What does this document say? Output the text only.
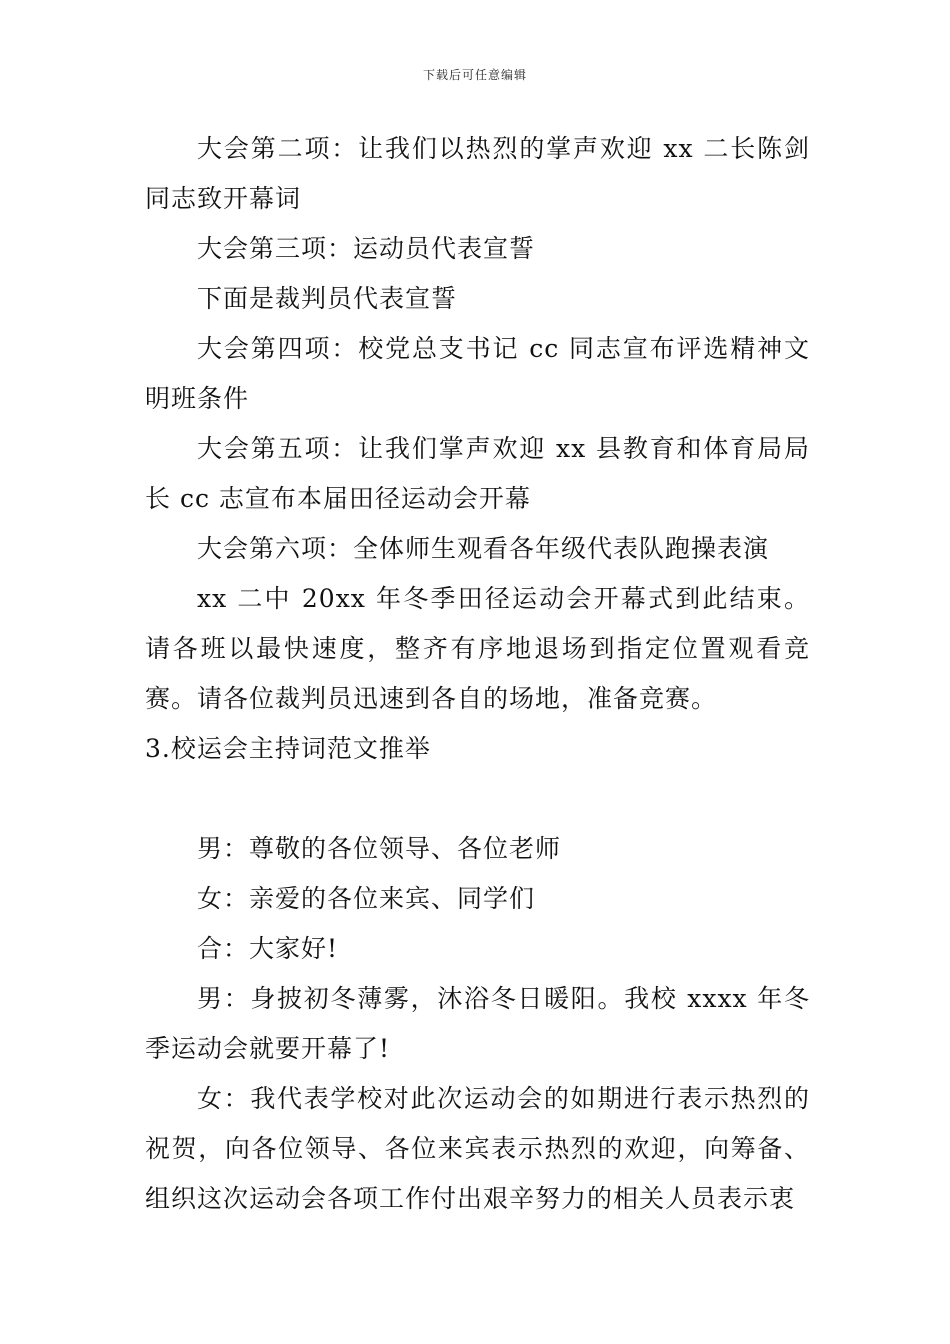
下载后可任意编辑

大会第二项：让我们以热烈的掌声欢迎 xx 二长陈剑同志致开幕词

大会第三项：运动员代表宣誓

下面是裁判员代表宣誓

大会第四项：校党总支书记 cc 同志宣布评选精神文明班条件

大会第五项：让我们掌声欢迎 xx 县教育和体育局局长 cc 志宣布本届田径运动会开幕

大会第六项：全体师生观看各年级代表队跑操表演

xx 二中 20xx 年冬季田径运动会开幕式到此结束。请各班以最快速度，整齐有序地退场到指定位置观看竞赛。请各位裁判员迅速到各自的场地，准备竞赛。

3.校运会主持词范文推举

男：尊敬的各位领导、各位老师

女：亲爱的各位来宾、同学们

合：大家好!

男：身披初冬薄雾，沐浴冬日暖阳。我校 xxxx 年冬季运动会就要开幕了!

女：我代表学校对此次运动会的如期进行表示热烈的祝贺，向各位领导、各位来宾表示热烈的欢迎，向筹备、组织这次运动会各项工作付出艰辛努力的相关人员表示衷
